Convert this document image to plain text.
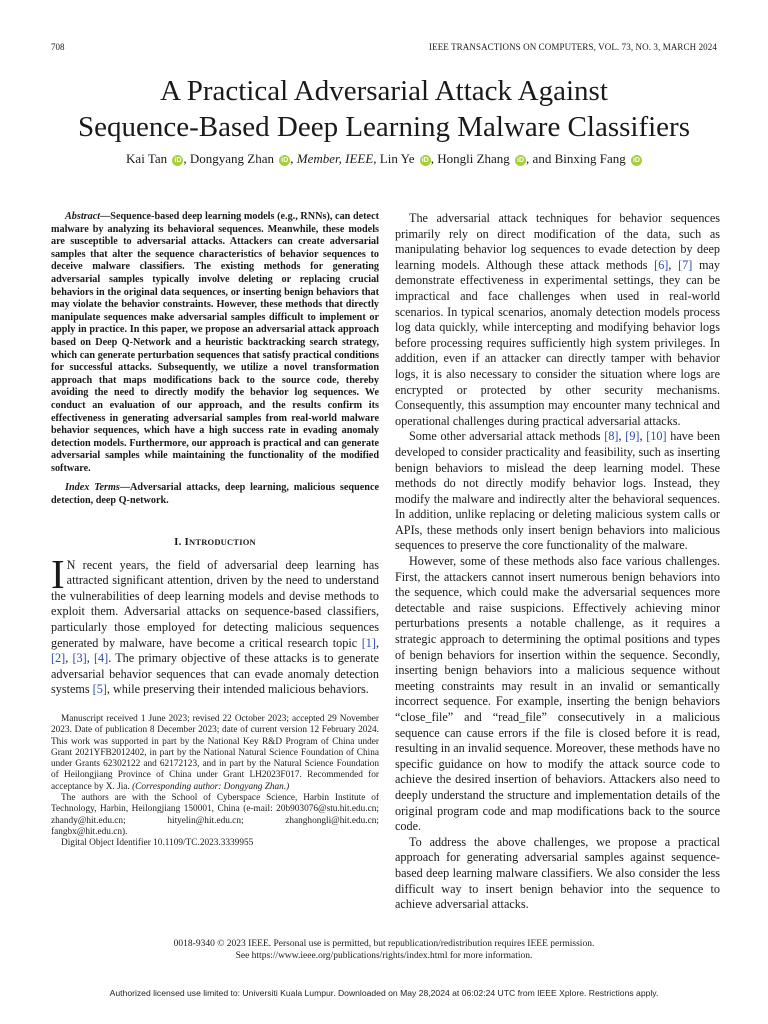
708	IEEE TRANSACTIONS ON COMPUTERS, VOL. 73, NO. 3, MARCH 2024
A Practical Adversarial Attack Against
Sequence-Based Deep Learning Malware Classifiers
Kai Tan iD , Dongyang Zhan iD , Member, IEEE, Lin Ye iD , Hongli Zhang iD , and Binxing Fang iD

Abstract—Sequence-based deep learning models (e.g., RNNs), can detect malware by analyzing its behavioral sequences. Meanwhile, these models are susceptible to adversarial attacks. Attackers can create adversarial samples that alter the sequence characteristics of behavior sequences to deceive malware classifiers. The existing methods for generating adversarial samples typically involve deleting or replacing crucial behaviors in the original data sequences, or inserting benign behaviors that may violate the behavior constraints. However, these methods that directly manipulate sequences make adversarial samples difficult to implement or apply in practice. In this paper, we propose an adversarial attack approach based on Deep Q-Network and a heuristic backtracking search strategy, which can generate perturbation sequences that satisfy practical conditions for successful attacks. Subsequently, we utilize a novel transformation approach that maps modifications back to the source code, thereby avoiding the need to directly modify the behavior log sequences. We conduct an evaluation of our approach, and the results confirm its effectiveness in generating adversarial samples from real-world malware behavior sequences, which have a high success rate in evading anomaly detection models. Furthermore, our approach is practical and can generate adversarial samples while maintaining the functionality of the modified software.

Index Terms—Adversarial attacks, deep learning, malicious sequence detection, deep Q-network.

I. INTRODUCTION

I N recent years, the field of adversarial deep learning has attracted significant attention, driven by the need to understand the vulnerabilities of deep learning models and devise methods to exploit them. Adversarial attacks on sequence-based classifiers, particularly those employed for detecting malicious sequences generated by malware, have become a critical research topic [1], [2], [3], [4]. The primary objective of these attacks is to generate adversarial behavior sequences that can evade anomaly detection systems [5], while preserving their intended malicious behaviors.

Manuscript received 1 June 2023; revised 22 October 2023; accepted 29 November 2023. Date of publication 8 December 2023; date of current version 12 February 2024. This work was supported in part by the National Key R&D Program of China under Grant 2021YFB2012402, in part by the National Natural Science Foundation of China under Grants 62302122 and 62172123, and in part by the Natural Science Foundation of Heilongjiang Province of China under Grant LH2023F017. Recommended for acceptance by X. Jia. (Corresponding author: Dongyang Zhan.)

The authors are with the School of Cyberspace Science, Harbin Institute of Technology, Harbin, Heilongjiang 150001, China (e-mail: 20b903076@stu.hit.edu.cn; zhandy@hit.edu.cn; hityelin@hit.edu.cn; zhanghongli@hit.edu.cn; fangbx@hit.edu.cn).

Digital Object Identifier 10.1109/TC.2023.3339955

The adversarial attack techniques for behavior sequences primarily rely on direct modification of the data, such as manipulating behavior log sequences to evade detection by deep learning models. Although these attack methods [6], [7] may demonstrate effectiveness in experimental settings, they can be impractical and face challenges when used in real-world scenarios. In typical scenarios, anomaly detection models process log data quickly, while intercepting and modifying behavior logs before processing requires sufficiently high system privileges. In addition, even if an attacker can directly tamper with behavior logs, it is also necessary to consider the situation where logs are encrypted or protected by other security mechanisms. Consequently, this assumption may encounter many technical and operational challenges during practical adversarial attacks.

Some other adversarial attack methods [8], [9], [10] have been developed to consider practicality and feasibility, such as inserting benign behaviors to mislead the deep learning model. These methods do not directly modify behavior logs. Instead, they modify the malware and indirectly alter the behavioral sequences. In addition, unlike replacing or deleting malicious system calls or APIs, these methods only insert benign behaviors into malicious sequences to preserve the core functionality of the malware.

However, some of these methods also face various challenges. First, the attackers cannot insert numerous benign behaviors into the sequence, which could make the adversarial sequences more detectable and raise suspicions. Effectively achieving minor perturbations presents a notable challenge, as it requires a strategic approach to determining the optimal positions and types of benign behaviors for insertion within the sequence. Secondly, inserting benign behaviors into a malicious sequence without meeting constraints may result in an invalid or semantically incorrect sequence. For example, inserting the benign behaviors “close_file” and “read_file” consecutively in a malicious sequence can cause errors if the file is closed before it is read, resulting in an invalid sequence. Moreover, these methods have no specific guidance on how to modify the attack source code to achieve the desired insertion of behaviors. Attackers also need to deeply understand the structure and implementation details of the original program code and map modifications back to the source code.

To address the above challenges, we propose a practical approach for generating adversarial samples against sequence-based deep learning malware classifiers. We also consider the less difficult way to insert benign behavior into the sequence to achieve adversarial attacks.

0018-9340 © 2023 IEEE. Personal use is permitted, but republication/redistribution requires IEEE permission.
See https://www.ieee.org/publications/rights/index.html for more information.
Authorized licensed use limited to: Universiti Kuala Lumpur. Downloaded on May 28,2024 at 06:02:24 UTC from IEEE Xplore. Restrictions apply.
